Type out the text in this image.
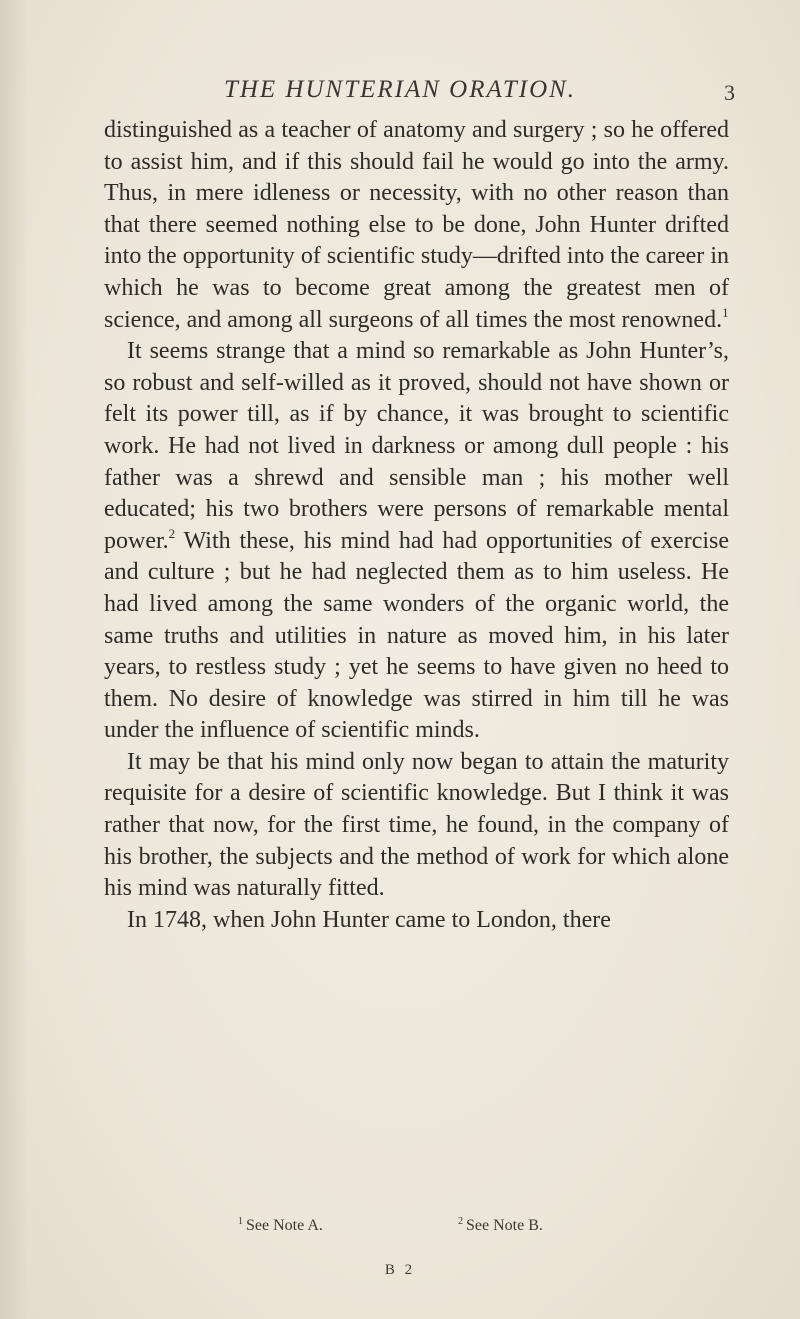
THE HUNTERIAN ORATION.	3

distinguished as a teacher of anatomy and surgery ; so he offered to assist him, and if this should fail he would go into the army. Thus, in mere idleness or necessity, with no other reason than that there seemed nothing else to be done, John Hunter drifted into the opportunity of scientific study—drifted into the career in which he was to become great among the greatest men of science, and among all surgeons of all times the most renowned.$^1$

It seems strange that a mind so remarkable as John Hunter’s, so robust and self-willed as it proved, should not have shown or felt its power till, as if by chance, it was brought to scientific work. He had not lived in darkness or among dull people : his father was a shrewd and sensible man ; his mother well educated; his two brothers were persons of remarkable mental power.$^2$ With these, his mind had had opportunities of exercise and culture ; but he had neglected them as to him useless. He had lived among the same wonders of the organic world, the same truths and utilities in nature as moved him, in his later years, to restless study ; yet he seems to have given no heed to them. No desire of knowledge was stirred in him till he was under the influence of scientific minds.

It may be that his mind only now began to attain the maturity requisite for a desire of scientific knowledge. But I think it was rather that now, for the first time, he found, in the company of his brother, the subjects and the method of work for which alone his mind was naturally fitted.

In 1748, when John Hunter came to London, there

$^1$ See Note A.	$^2$ See Note B.
B 2
